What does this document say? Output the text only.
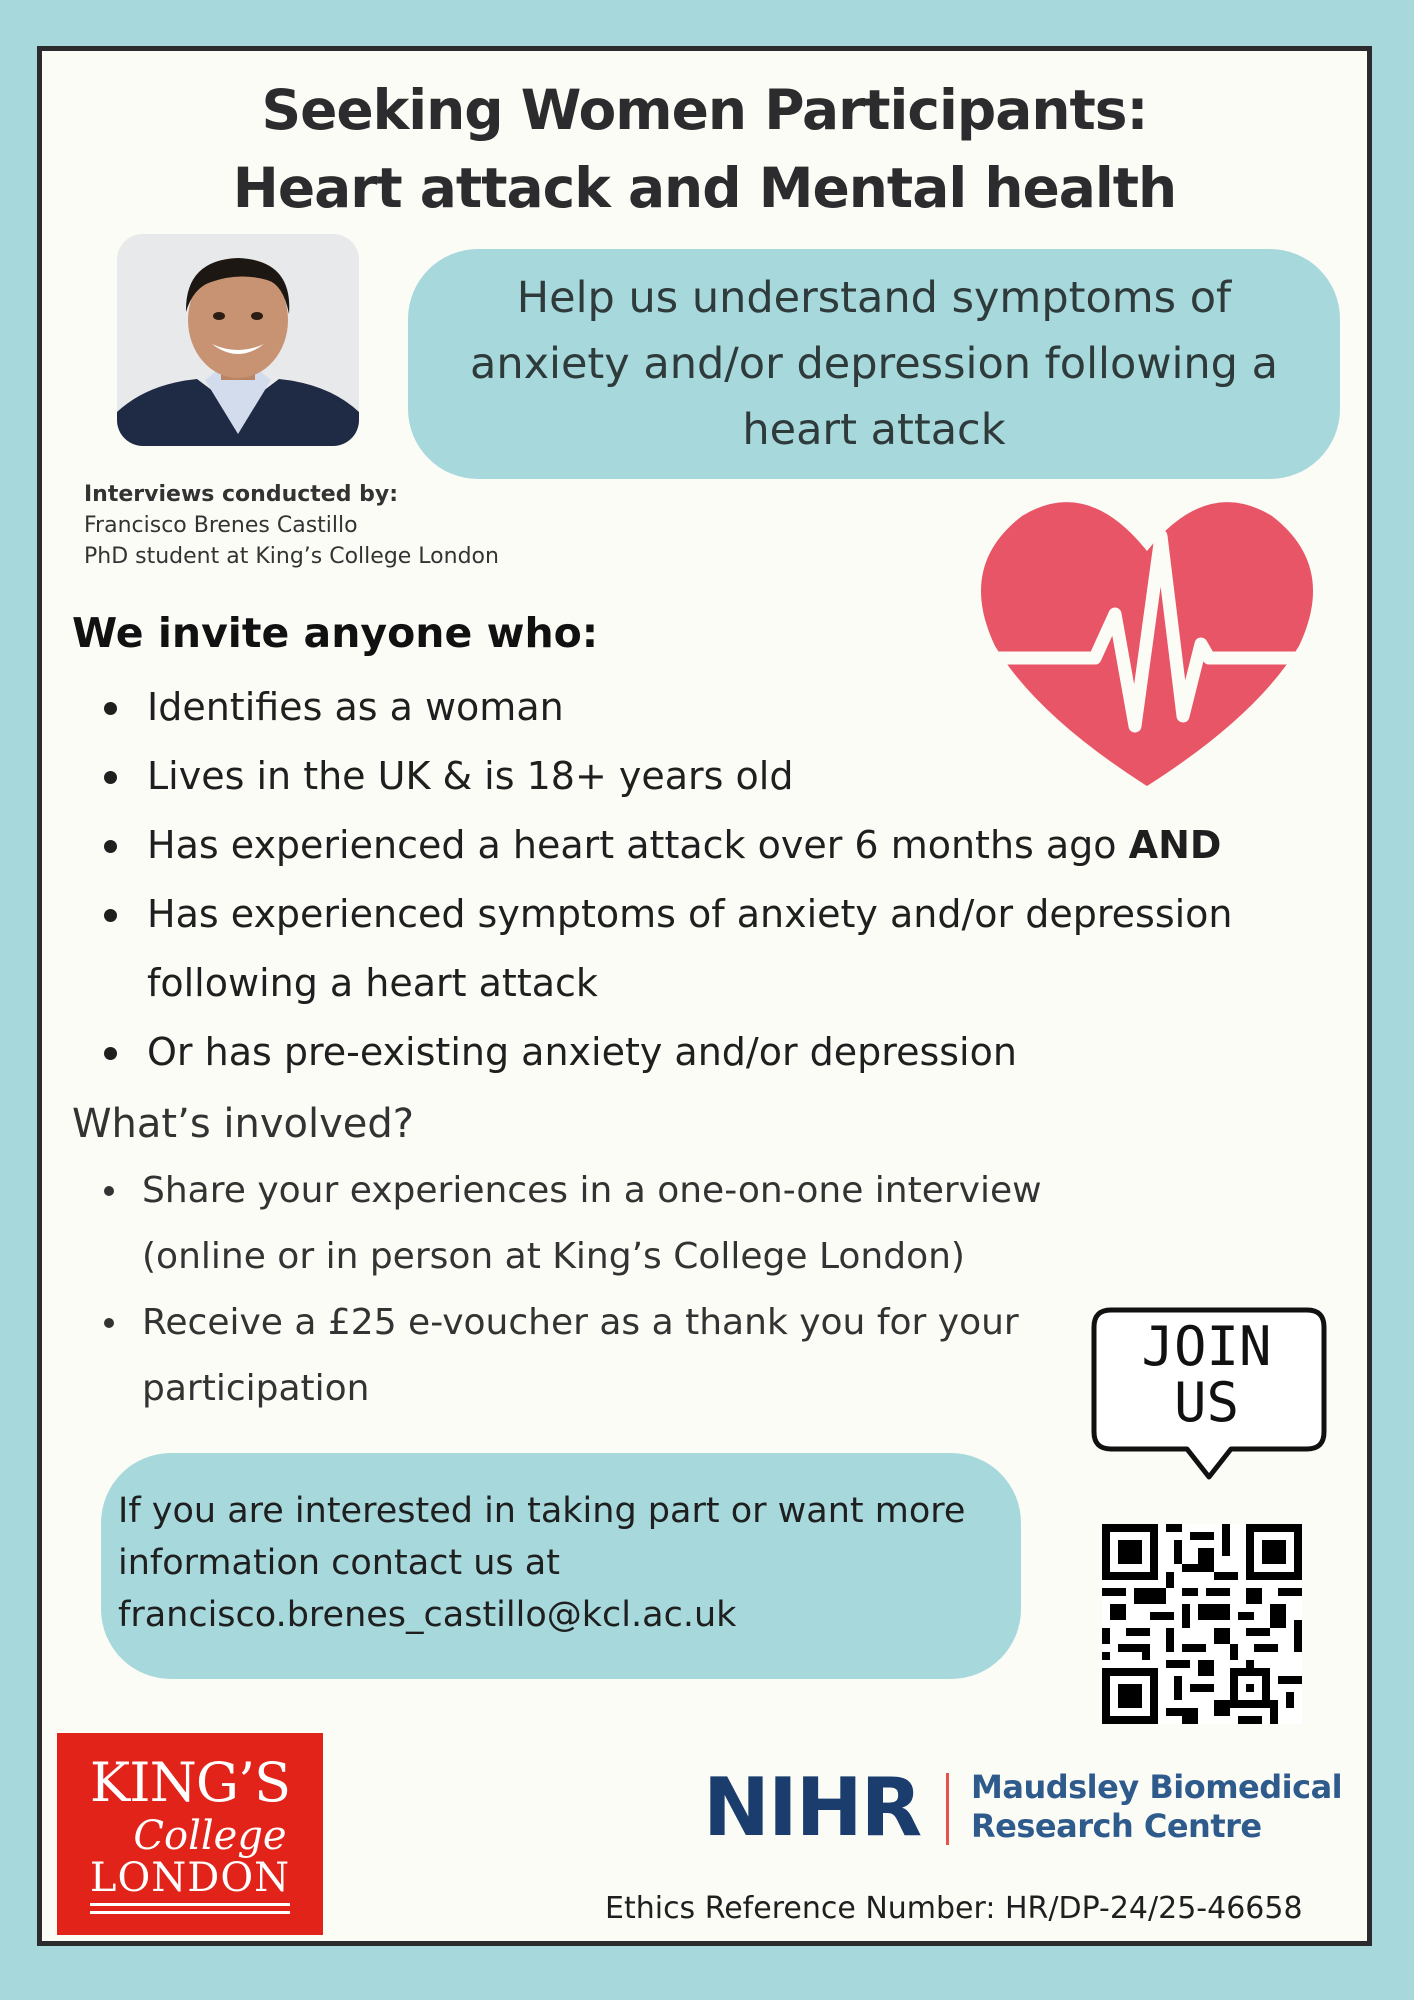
Seeking Women Participants:
Heart attack and Mental health
Help us understand symptoms of anxiety and/or depression following a heart attack
Interviews conducted by:
Francisco Brenes Castillo
PhD student at King’s College London
We invite anyone who:
Identifies as a woman
Lives in the UK & is 18+ years old
Has experienced a heart attack over 6 months ago AND
Has experienced symptoms of anxiety and/or depression following a heart attack
Or has pre-existing anxiety and/or depression
What’s involved?
Share your experiences in a one-on-one interview (online or in person at King’s College London)
Receive a £25 e-voucher as a thank you for your participation
JOIN
US
If you are interested in taking part or want more
information contact us at
francisco.brenes_castillo@kcl.ac.uk
KING’S
College
LONDON
NIHR Maudsley Biomedical
Research Centre
Ethics Reference Number: HR/DP-24/25-46658
